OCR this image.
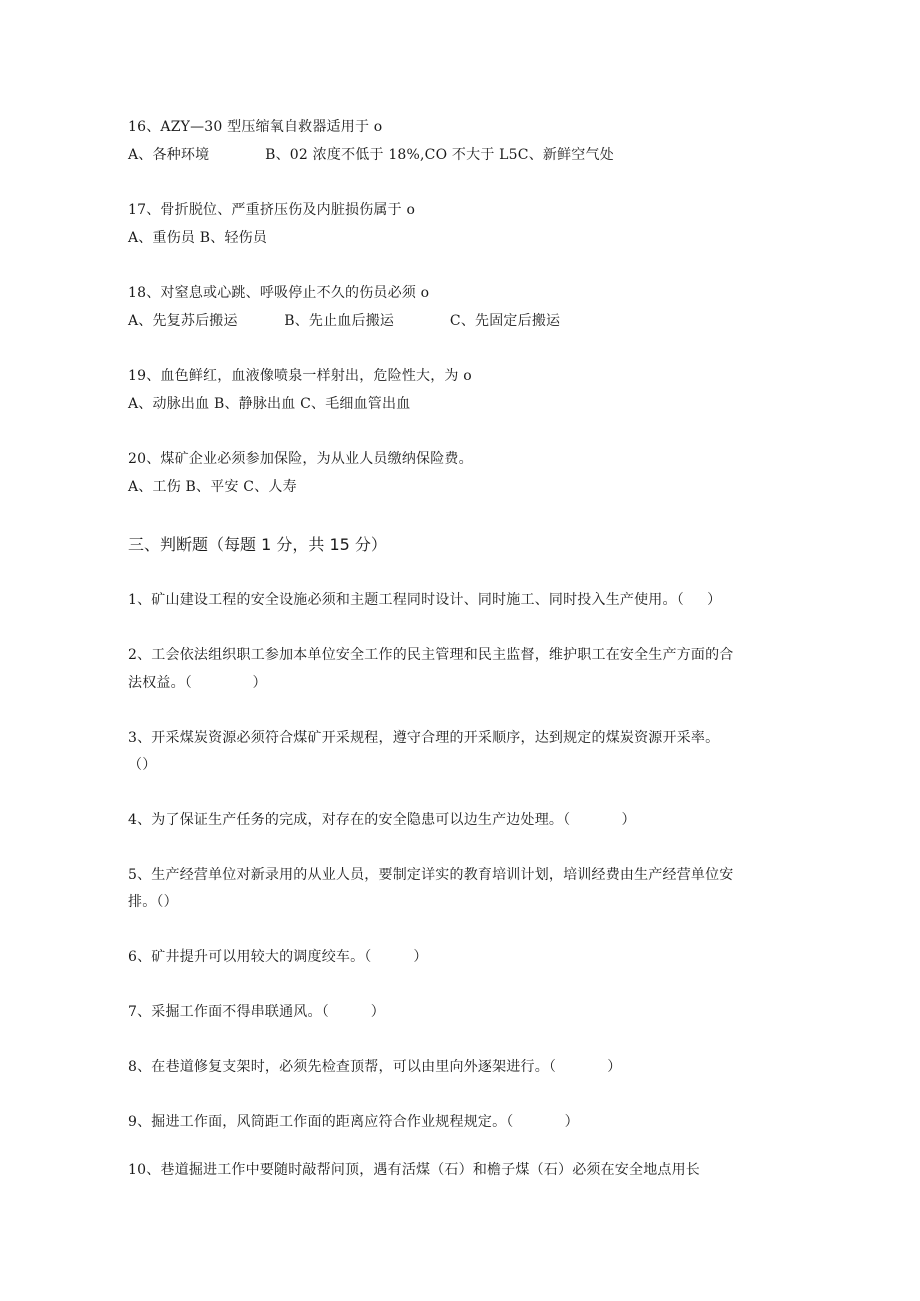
16、AZY—30 型压缩氧自救器适用于 o
A、各种环境            B、02 浓度不低于 18%,CO 不大于 L5C、新鲜空气处
17、骨折脱位、严重挤压伤及内脏损伤属于 o
A、重伤员 B、轻伤员
18、对窒息或心跳、呼吸停止不久的伤员必须 o
A、先复苏后搬运          B、先止血后搬运            C、先固定后搬运
19、血色鲜红，血液像喷泉一样射出，危险性大，为 o
A、动脉出血 B、静脉出血 C、毛细血管出血
20、煤矿企业必须参加保险，为从业人员缴纳保险费。
A、工伤 B、平安 C、人寿
三、判断题（每题 1 分，共 15 分）
1、矿山建设工程的安全设施必须和主题工程同时设计、同时施工、同时投入生产使用。（     ）
2、工会依法组织职工参加本单位安全工作的民主管理和民主监督，维护职工在安全生产方面的合
法权益。（             ）
3、开采煤炭资源必须符合煤矿开采规程，遵守合理的开采顺序，达到规定的煤炭资源开采率。
（）
4、为了保证生产任务的完成，对存在的安全隐患可以边生产边处理。（           ）
5、生产经营单位对新录用的从业人员，要制定详实的教育培训计划，培训经费由生产经营单位安
排。（）
6、矿井提升可以用较大的调度绞车。（         ）
7、采掘工作面不得串联通风。（         ）
8、在巷道修复支架时，必须先检查顶帮，可以由里向外逐架进行。（           ）
9、掘进工作面，风筒距工作面的距离应符合作业规程规定。（           ）
10、巷道掘进工作中要随时敲帮问顶，遇有活煤（石）和檐子煤（石）必须在安全地点用长
